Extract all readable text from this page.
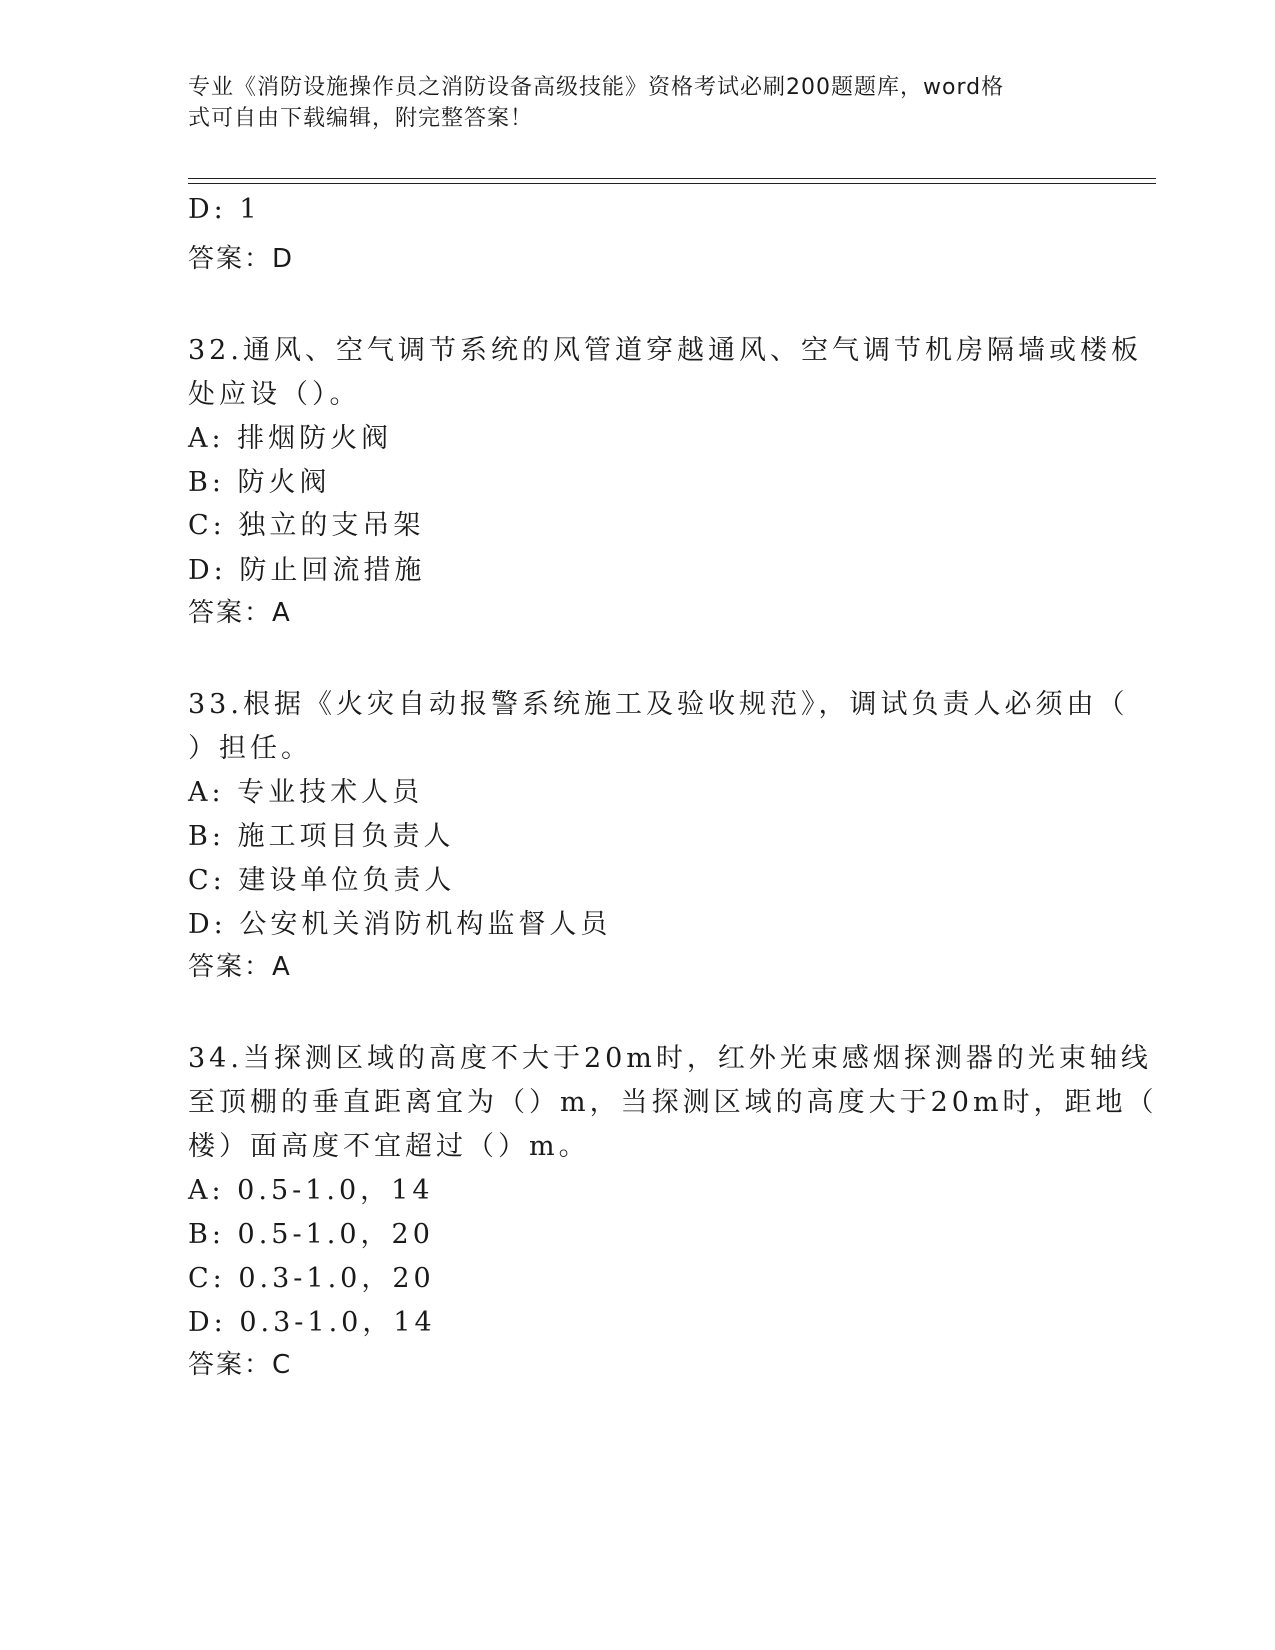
专业《消防设施操作员之消防设备高级技能》资格考试必刷200题题库，word格
式可自由下载编辑，附完整答案！
D: 1
答案：D
32.通风、空气调节系统的风管道穿越通风、空气调节机房隔墙或楼板
处应设（）。
A: 排烟防火阀
B: 防火阀
C: 独立的支吊架
D: 防止回流措施
答案：A
33.根据《火灾自动报警系统施工及验收规范》，调试负责人必须由（
）担任。
A: 专业技术人员
B: 施工项目负责人
C: 建设单位负责人
D: 公安机关消防机构监督人员
答案：A
34.当探测区域的高度不大于20m时，红外光束感烟探测器的光束轴线
至顶棚的垂直距离宜为（）m，当探测区域的高度大于20m时，距地（
楼）面高度不宜超过（）m。
A: 0.5-1.0，14
B: 0.5-1.0，20
C: 0.3-1.0，20
D: 0.3-1.0，14
答案：C
